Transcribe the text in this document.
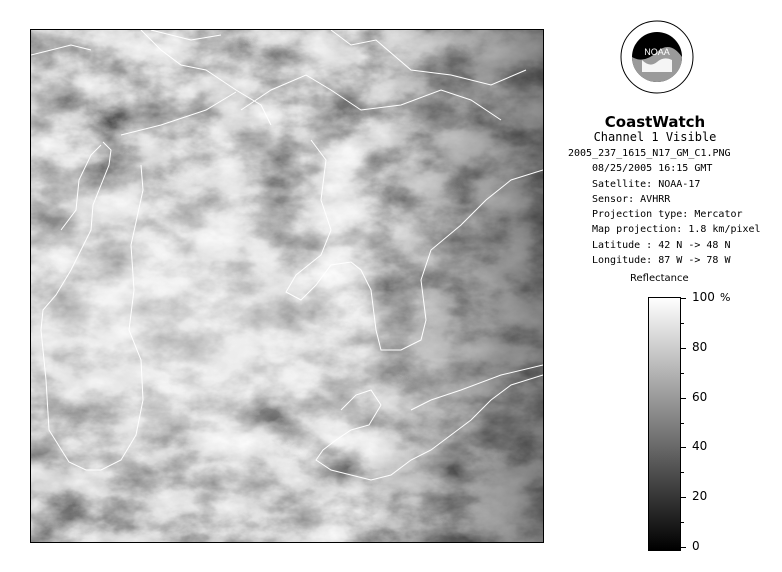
NOAA
CoastWatch
Channel 1 Visible
2005_237_1615_N17_GM_C1.PNG
08/25/2005 16:15 GMT
Satellite: NOAA-17
Sensor: AVHRR
Projection type: Mercator
Map projection: 1.8 km/pixel
Latitude : 42 N -> 48 N
Longitude: 87 W -> 78 W
Reflectance
%
100
80
60
40
20
0
